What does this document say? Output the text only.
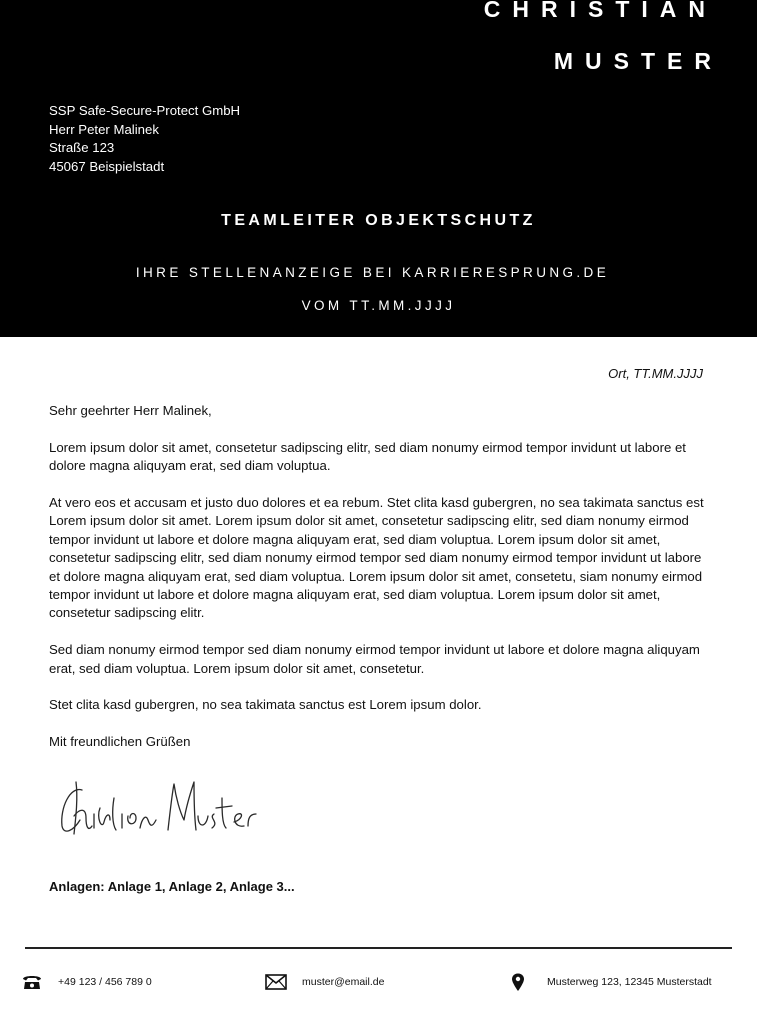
CHRISTIAN
MUSTER
SSP Safe-Secure-Protect GmbH
Herr Peter Malinek
Straße 123
45067 Beispielstadt
TEAMLEITER OBJEKTSCHUTZ
IHRE STELLENANZEIGE BEI KARRIERESPRUNG.DE
VOM TT.MM.JJJJ
Ort, TT.MM.JJJJ

Sehr geehrter Herr Malinek,

Lorem ipsum dolor sit amet, consetetur sadipscing elitr, sed diam nonumy eirmod tempor invidunt ut labore et dolore magna aliquyam erat, sed diam voluptua.

At vero eos et accusam et justo duo dolores et ea rebum. Stet clita kasd gubergren, no sea takimata sanctus est Lorem ipsum dolor sit amet. Lorem ipsum dolor sit amet, consetetur sadipscing elitr, sed diam nonumy eirmod tempor invidunt ut labore et dolore magna aliquyam erat, sed diam voluptua. Lorem ipsum dolor sit amet, consetetur sadipscing elitr, sed diam nonumy eirmod tempor sed diam nonumy eirmod tempor invidunt ut labore et dolore magna aliquyam erat, sed diam voluptua. Lorem ipsum dolor sit amet, consetetu, siam nonumy eirmod tempor invidunt ut labore et dolore magna aliquyam erat, sed diam voluptua. Lorem ipsum dolor sit amet, consetetur sadipscing elitr.

Sed diam nonumy eirmod tempor sed diam nonumy eirmod tempor invidunt ut labore et dolore magna aliquyam erat, sed diam voluptua. Lorem ipsum dolor sit amet, consetetur.

Stet clita kasd gubergren, no sea takimata sanctus est Lorem ipsum dolor.

Mit freundlichen Grüßen

Anlagen: Anlage 1, Anlage 2, Anlage 3...
+49 123 / 456 789 0	muster@email.de	Musterweg 123, 12345 Musterstadt
